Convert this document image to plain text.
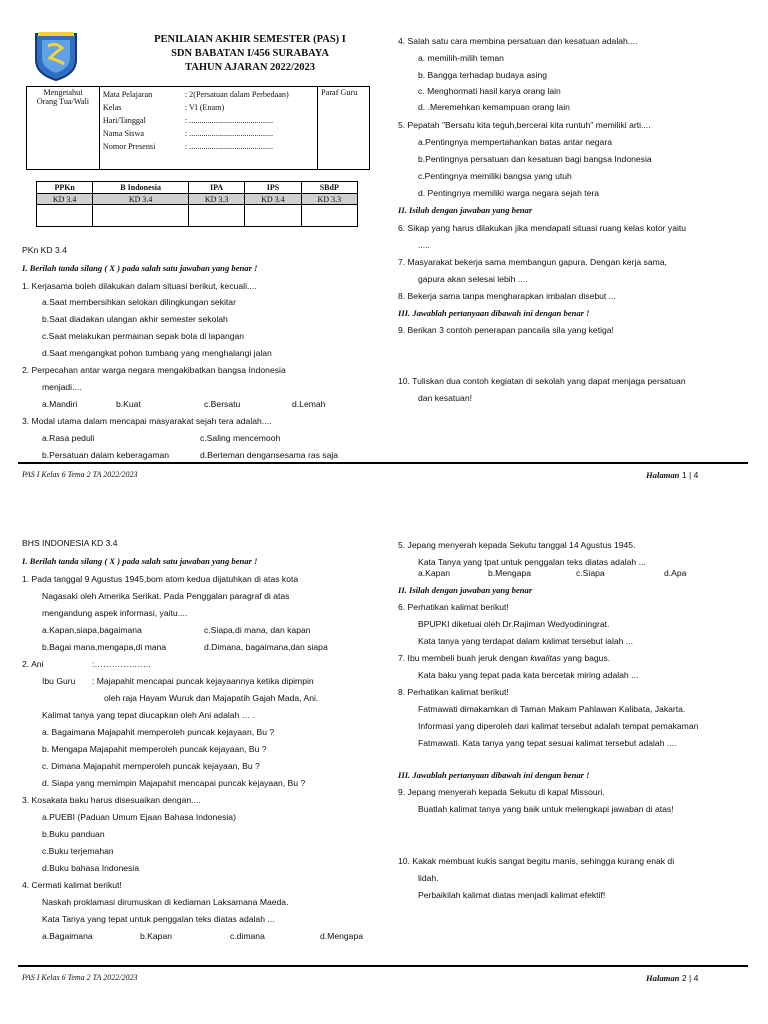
PENILAIAN AKHIR SEMESTER (PAS) I
SDN BABATAN I/456 SURABAYA
TAHUN AJARAN 2022/2023
Mengetahui
Orang Tua/Wali

Mata Pelajaran	: 2(Persatuan dalam Perbedaan)
Kelas	: VI (Enam)
Hari/Tanggal	: .........................................
Nama Siswa	: .........................................
Nomor Presensi	: .........................................
	Paraf Guru
PPKn	B Indonesia	IPA	IPS	SBdP
KD 3.4	KD 3.4	KD 3.3	KD 3.4	KD 3.3

PKn KD 3.4
I. Berilah tanda silang ( X ) pada salah satu jawaban yang benar !
1. Kerjasama boleh dilakukan dalam situasi berikut, kecuali....
a.Saat membersihkan selokan dilingkungan sekitar
b.Saat diadakan ulangan akhir semester sekolah
c.Saat melakukan permainan sepak bola di lapangan
d.Saat mengangkat pohon tumbang yang menghalangi jalan
2. Perpecahan antar warga negara mengakibatkan bangsa Indonesia
menjadi....
a.Mandiri	b.Kuat	c.Bersatu	d.Lemah
3. Modal utama dalam mencapai masyarakat sejah tera adalah....
a.Rasa peduli	c.Saling mencemooh
b.Persatuan dalam keberagaman	d.Berteman dengansesama ras saja
4. Salah satu cara membina persatuan dan kesatuan adalah....
a. memilih-milih teman
b. Bangga terhadap budaya asing
c. Menghormati hasil karya orang lain
d. .Meremehkan kemampuan orang lain
5. Pepatah "Bersatu kita teguh,bercerai kita runtuh" memiliki arti....
a.Pentingnya mempertahankan batas antar negara
b.Pentingnya persatuan dan kesatuan bagi bangsa Indonesia
c.Pentingnya memiliki bangsa yang utuh
d. Pentingnya memiliki warga negara sejah tera
II. Isilah dengan jawaban yang benar
6. Sikap yang harus dilakukan jika mendapati situasi ruang kelas kotor yaitu
.....
7. Masyarakat bekerja sama membangun gapura. Dengan kerja sama,
gapura akan selesai lebih ....
8. Bekerja sama tanpa mengharapkan imbalan disebut ...
III. Jawablah pertanyaan dibawah ini dengan benar !
9. Berikan 3 contoh penerapan pancaila sila yang ketiga!
10. Tuliskan dua contoh kegiatan di sekolah yang dapat menjaga persatuan
dan kesatuan!
PAS I Kelas 6 Tema 2 TA 2022/2023	Halaman 1 | 4
BHS INDONESIA KD 3.4
I. Berilah tanda silang ( X ) pada salah satu jawaban yang benar !
1. Pada tanggal 9 Agustus 1945,bom atom kedua dijatuhkan di atas kota
Nagasaki oleh Amerika Serikat. Pada Penggalan paragraf di atas
mengandung aspek informasi, yaitu....
a.Kapan,siapa,bagaimana	c.Siapa,di mana, dan kapan
b.Bagai mana,mengapa,di mana	d.Dimana, bagaimana,dan siapa
2. Ani	:………………..
Ibu Guru : Majapahit mencapai puncak kejayaannya ketika dipimpin
oleh raja Hayam Wuruk dan Majapatih Gajah Mada, Ani.
Kalimat tanya yang tepat diucapkan oleh Ani adalah … .
a. Bagaimana Majapahit memperoleh puncak kejayaan, Bu ?
b. Mengapa Majapahit memperoleh puncak kejayaan, Bu ?
c. Dimana Majapahit memperoleh puncak kejayaan, Bu ?
d. Siapa yang memimpin Majapahit mencapai puncak kejayaan, Bu ?
3. Kosakata baku harus disesuaikan dengan....
a.PUEBI (Paduan Umum Ejaan Bahasa Indonesia)
b.Buku panduan
c.Buku terjemahan
d.Buku bahasa Indonesia
4. Cermati kalimat berikut!
Naskah proklamasi dirumuskan di kediaman Laksamana Maeda.
Kata Tanya yang tepat untuk penggalan teks diatas adalah ...
a.Bagaimana	b.Kapan	c.dimana	d.Mengapa
5. Jepang menyerah kepada Sekutu tanggal 14 Agustus 1945.
Kata Tanya yang tpat untuk penggalan teks diatas adalah ...
a.Kapan	b.Mengapa	c.Siapa	d.Apa
II. Isilah dengan jawaban yang benar
6. Perhatikan kalimat berikut!
BPUPKI diketuai oleh Dr.Rajiman Wedyodiningrat.
Kata tanya yang terdapat dalam kalimat tersebut ialah ...
7. Ibu membeli buah jeruk dengan kwalitas yang bagus.
Kata baku yang tepat pada kata bercetak miring adalah ...
8. Perhatikan kalimat berikut!
Fatmawati dimakamkan di Taman Makam Pahlawan Kalibata, Jakarta.
Informasi yang diperoleh dari kalimat tersebut adalah tempat pemakaman
Fatmawati. Kata tanya yang tepat sesuai kalimat tersebut adalah ....
III. Jawablah pertanyaan dibawah ini dengan benar !
9. Jepang menyerah kepada Sekutu di kapal Missouri.
Buatlah kalimat tanya yang baik untuk melengkapi jawaban di atas!
10. Kakak membuat kukis sangat begitu manis, sehingga kurang enak di
lidah.
Perbaikilah kalimat diatas menjadi kalimat efektif!
PAS I Kelas 6 Tema 2 TA 2022/2023	Halaman 2 | 4
